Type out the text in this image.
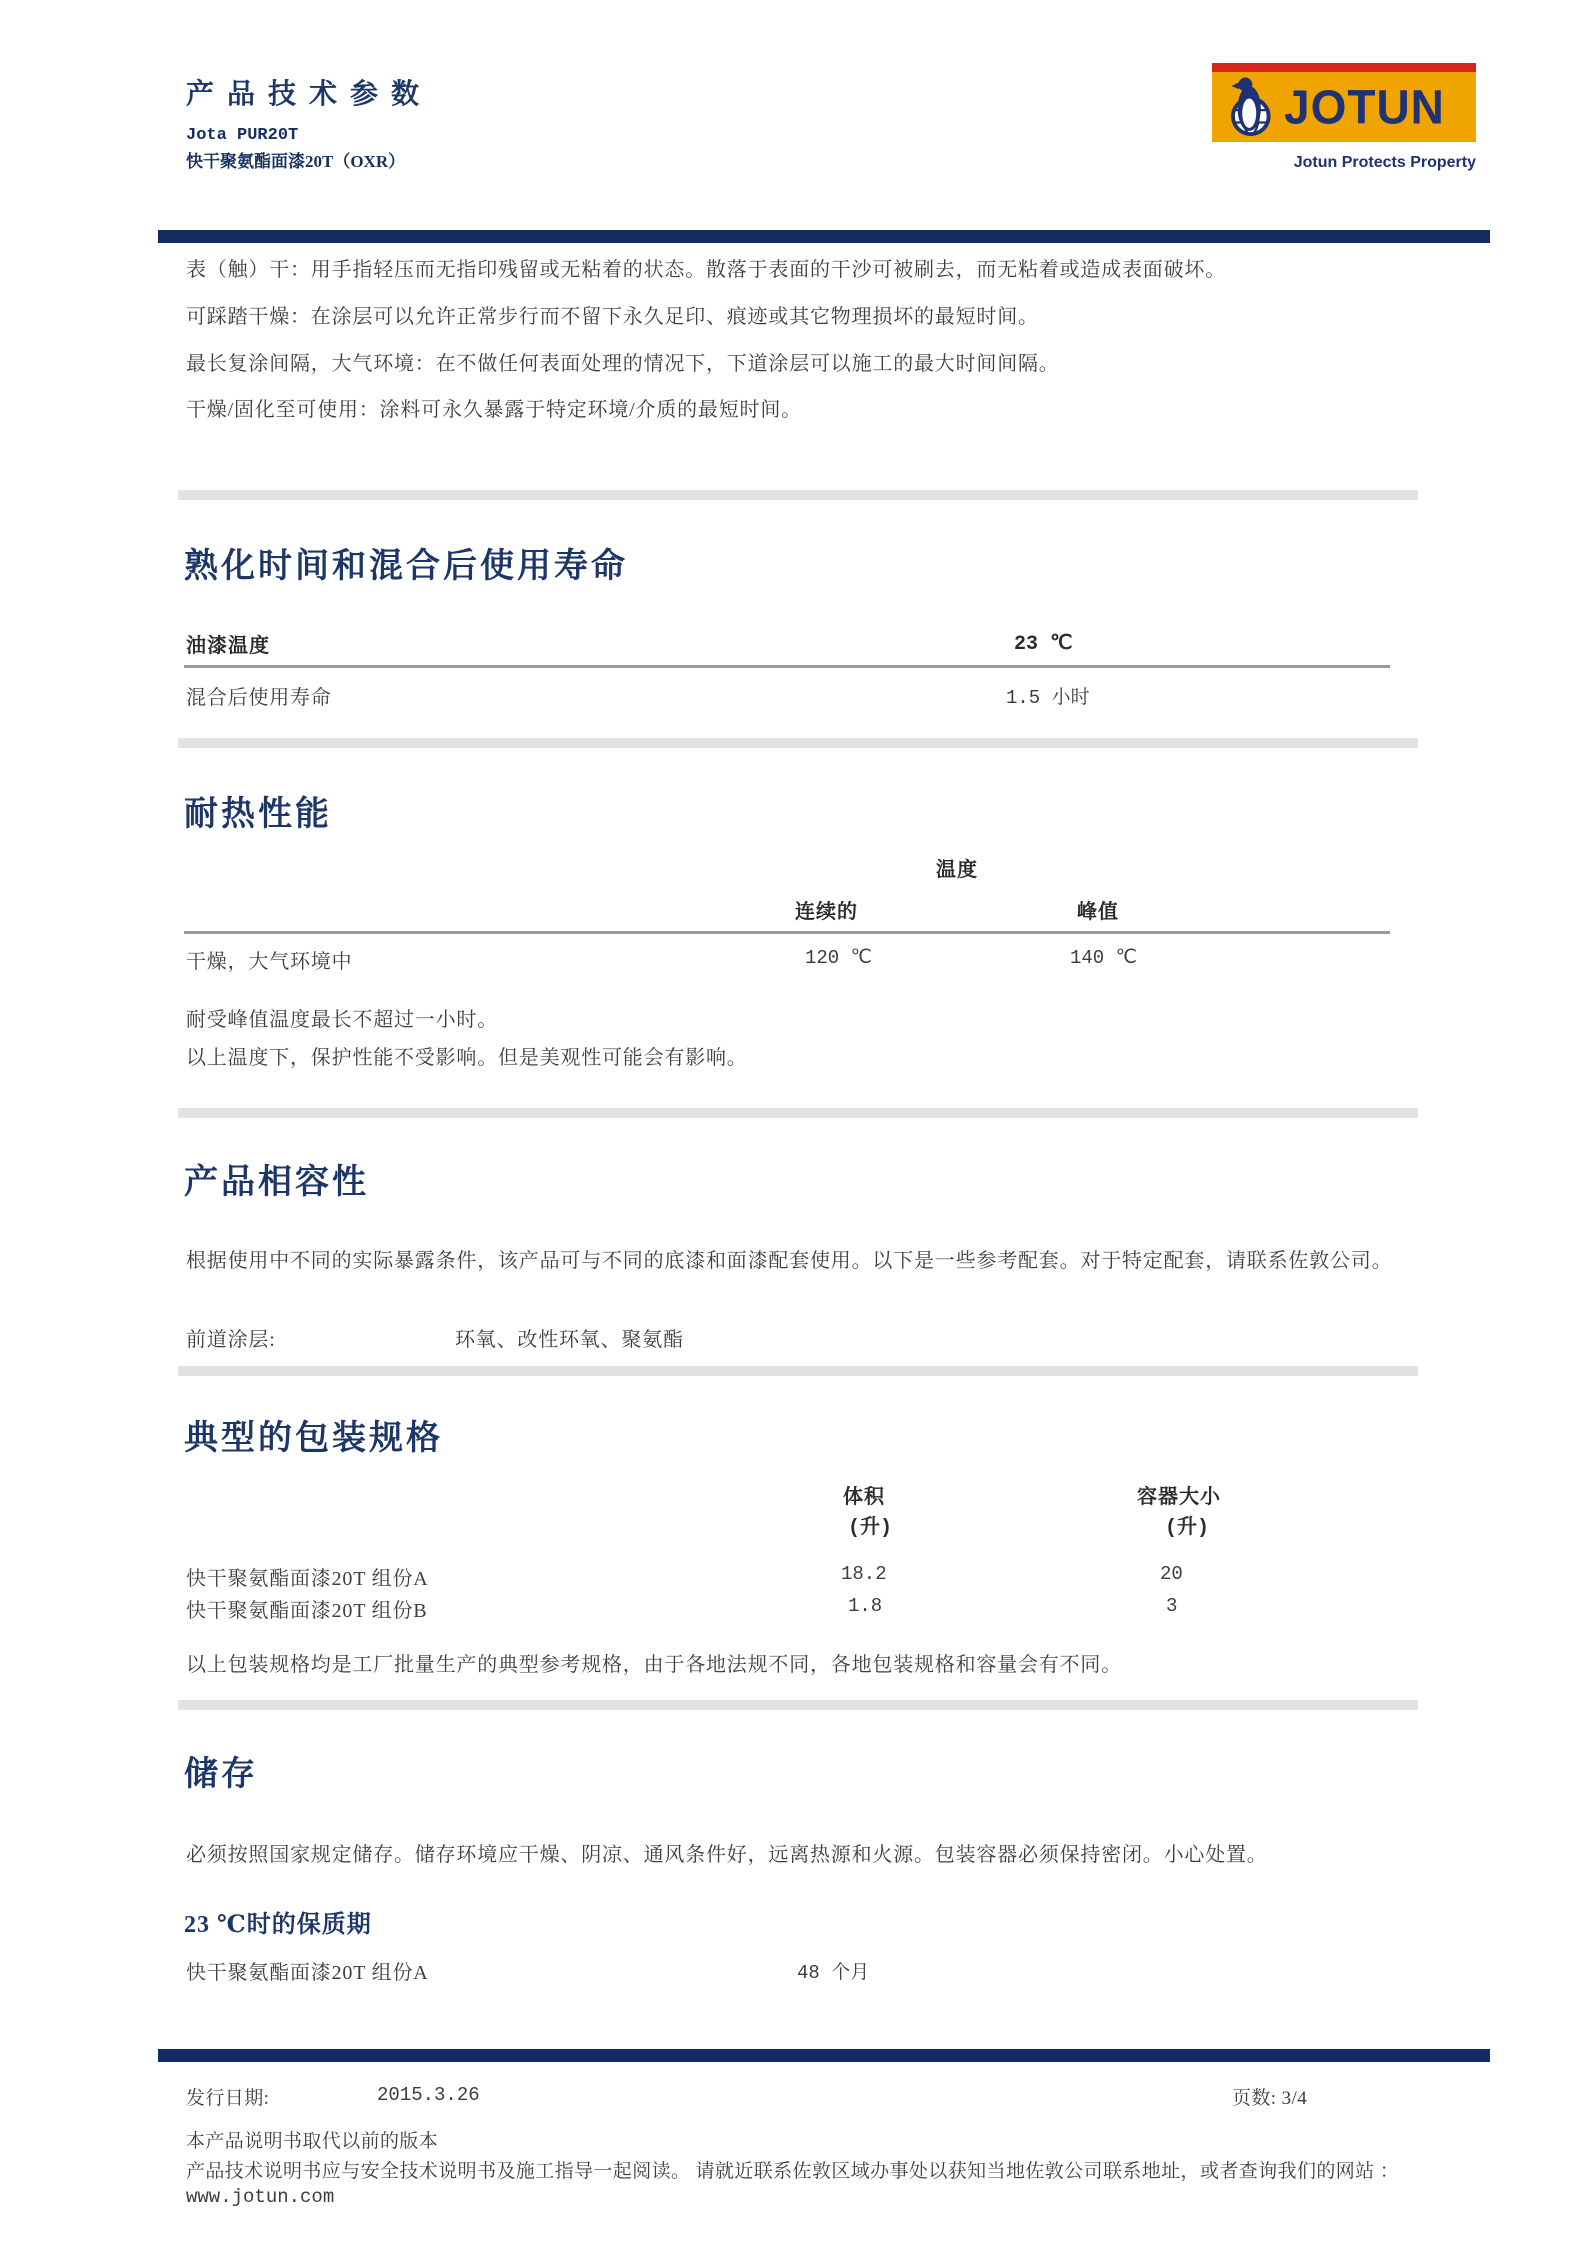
产品技术参数
Jota PUR20T
快干聚氨酯面漆20T（OXR）
JOTUN
Jotun Protects Property
表（触）干：用手指轻压而无指印残留或无粘着的状态。散落于表面的干沙可被刷去，而无粘着或造成表面破坏。
可踩踏干燥：在涂层可以允许正常步行而不留下永久足印、痕迹或其它物理损坏的最短时间。
最长复涂间隔，大气环境：在不做任何表面处理的情况下，下道涂层可以施工的最大时间间隔。
干燥/固化至可使用：涂料可永久暴露于特定环境/介质的最短时间。
熟化时间和混合后使用寿命
油漆温度	23 ℃
混合后使用寿命	1.5 小时
耐热性能
温度
连续的	峰值
干燥，大气环境中	120 ℃	140 ℃
耐受峰值温度最长不超过一小时。
以上温度下，保护性能不受影响。但是美观性可能会有影响。
产品相容性
根据使用中不同的实际暴露条件，该产品可与不同的底漆和面漆配套使用。以下是一些参考配套。对于特定配套，请联系佐敦公司。
前道涂层:	环氧、改性环氧、聚氨酯
典型的包装规格
体积
(升)
容器大小
(升)
快干聚氨酯面漆20T 组份A	18.2	20
快干聚氨酯面漆20T 组份B	1.8	3
以上包装规格均是工厂批量生产的典型参考规格，由于各地法规不同，各地包装规格和容量会有不同。
储存
必须按照国家规定储存。储存环境应干燥、阴凉、通风条件好，远离热源和火源。包装容器必须保持密闭。小心处置。
23 ℃时的保质期
快干聚氨酯面漆20T 组份A	48 个月
发行日期:	2015.3.26	页数: 3/4
本产品说明书取代以前的版本
产品技术说明书应与安全技术说明书及施工指导一起阅读。 请就近联系佐敦区域办事处以获知当地佐敦公司联系地址，或者查询我们的网站 ：
www.jotun.com
